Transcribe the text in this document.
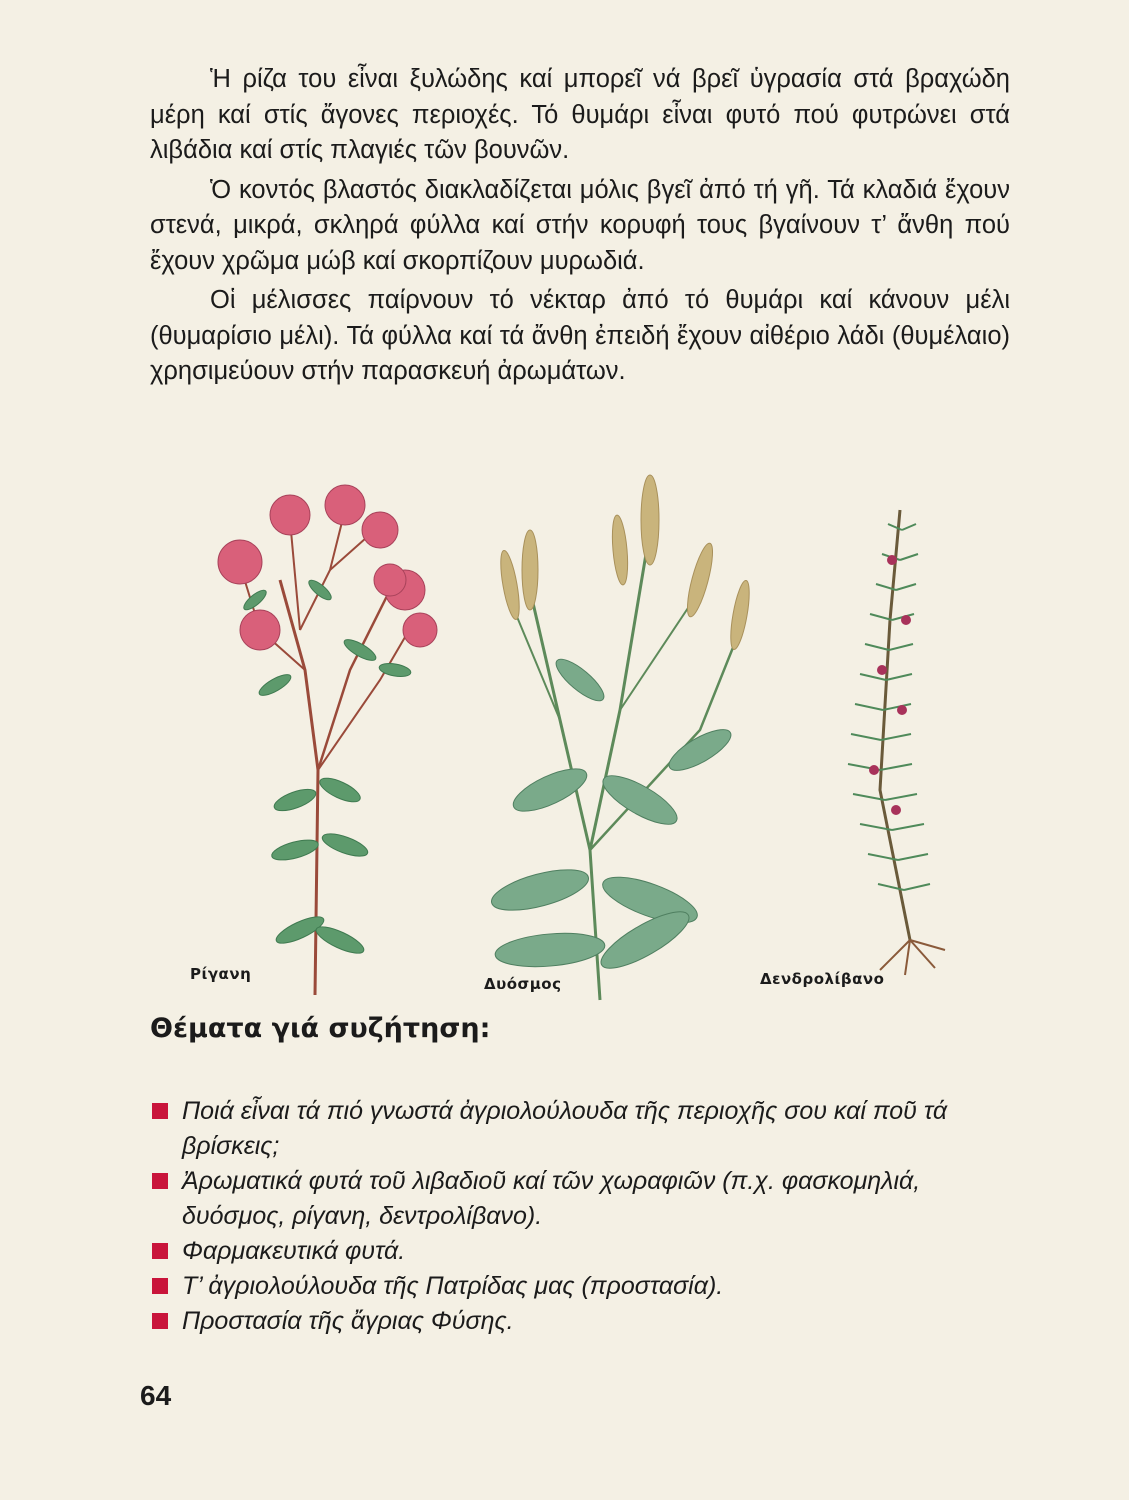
Ἡ ρίζα του εἶναι ξυλώδης καί μπορεῖ νά βρεῖ ὑγρασία στά βραχώδη μέρη καί στίς ἄγονες περιοχές. Τό θυμάρι εἶναι φυτό πού φυτρώνει στά λιβάδια καί στίς πλαγιές τῶν βουνῶν.

Ὁ κοντός βλαστός διακλαδίζεται μόλις βγεῖ ἀπό τή γῆ. Τά κλαδιά ἔχουν στενά, μικρά, σκληρά φύλλα καί στήν κορυφή τους βγαίνουν τ’ ἄνθη πού ἔχουν χρῶμα μώβ καί σκορπίζουν μυρωδιά.

Οἱ μέλισσες παίρνουν τό νέκταρ ἀπό τό θυμάρι καί κάνουν μέλι (θυμαρίσιο μέλι). Τά φύλλα καί τά ἄνθη ἐπειδή ἔχουν αἰθέριο λάδι (θυμέλαιο) χρησιμεύουν στήν παρασκευή ἀρωμάτων.

Ρίγανη
Δυόσμος	Δενδρολίβανο
Θέματα γιά συζήτηση:
Ποιά εἶναι τά πιό γνωστά ἀγριολούλουδα τῆς περιοχῆς σου καί ποῦ τά βρίσκεις;
Ἀρωματικά φυτά τοῦ λιβαδιοῦ καί τῶν χωραφιῶν (π.χ. φασκομηλιά, δυόσμος, ρίγανη, δεντρολίβανο).
Φαρμακευτικά φυτά.
Τ’ ἀγριολούλουδα τῆς Πατρίδας μας (προστασία).
Προστασία τῆς ἄγριας Φύσης.
64
